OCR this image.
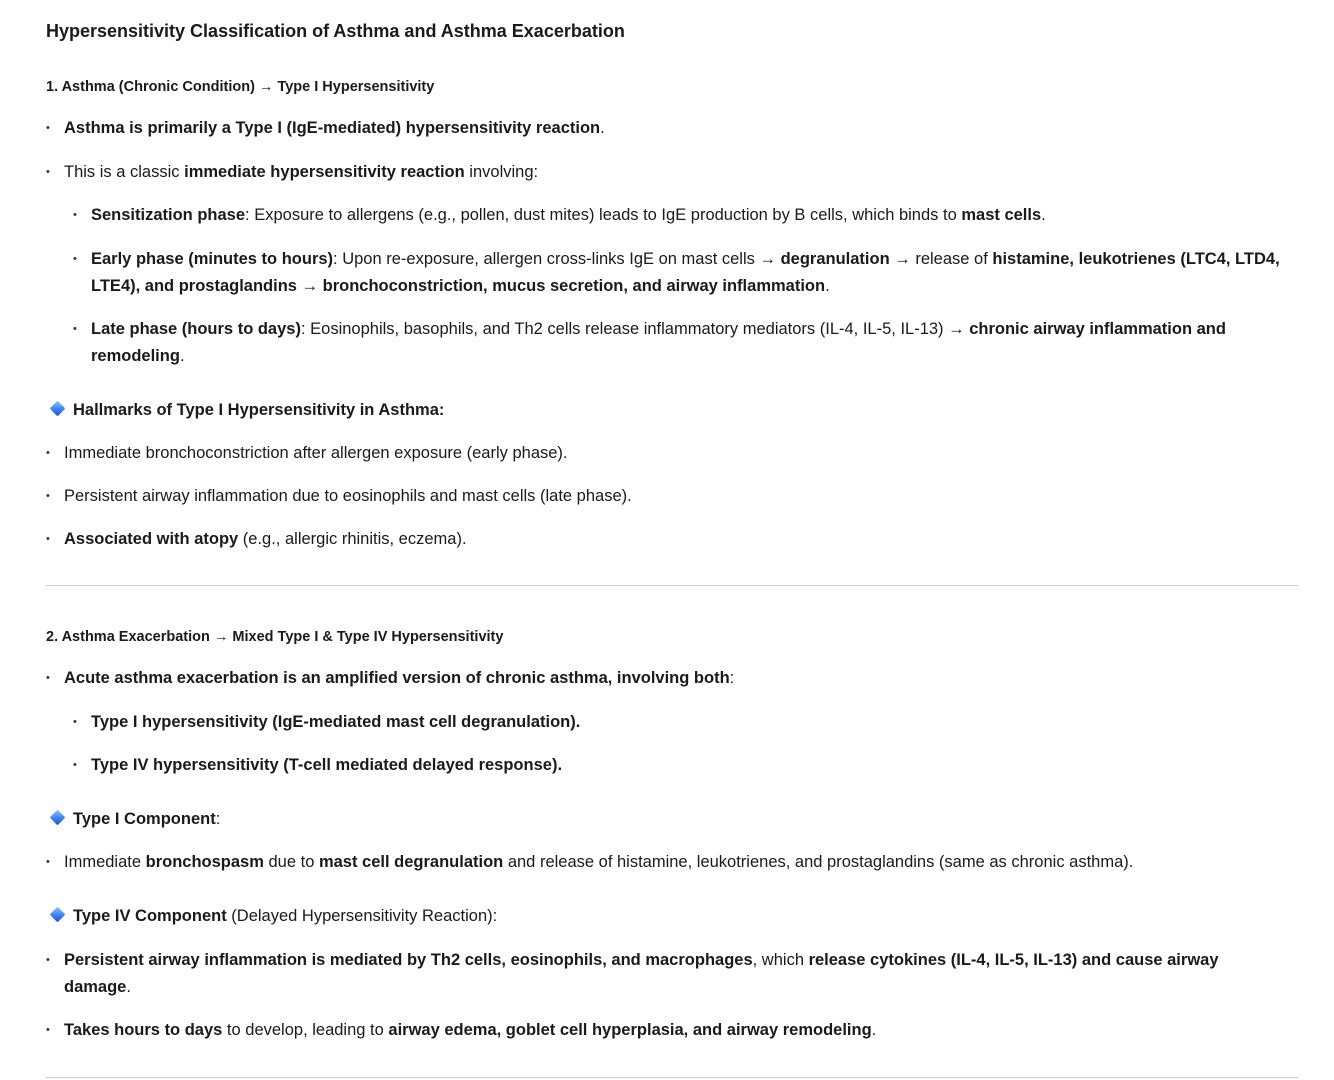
Hypersensitivity Classification of Asthma and Asthma Exacerbation
1. Asthma (Chronic Condition) → Type I Hypersensitivity
• Asthma is primarily a Type I (IgE-mediated) hypersensitivity reaction.
• This is a classic immediate hypersensitivity reaction involving:
• Sensitization phase: Exposure to allergens (e.g., pollen, dust mites) leads to IgE production by B cells, which binds to mast cells.
• Early phase (minutes to hours): Upon re-exposure, allergen cross-links IgE on mast cells → degranulation → release of histamine, leukotrienes (LTC4, LTD4, LTE4), and prostaglandins → bronchoconstriction, mucus secretion, and airway inflammation.
• Late phase (hours to days): Eosinophils, basophils, and Th2 cells release inflammatory mediators (IL-4, IL-5, IL-13) → chronic airway inflammation and remodeling.
Hallmarks of Type I Hypersensitivity in Asthma:
• Immediate bronchoconstriction after allergen exposure (early phase).
• Persistent airway inflammation due to eosinophils and mast cells (late phase).
• Associated with atopy (e.g., allergic rhinitis, eczema).
2. Asthma Exacerbation → Mixed Type I & Type IV Hypersensitivity
• Acute asthma exacerbation is an amplified version of chronic asthma, involving both:
• Type I hypersensitivity (IgE-mediated mast cell degranulation).
• Type IV hypersensitivity (T-cell mediated delayed response).
Type I Component:
• Immediate bronchospasm due to mast cell degranulation and release of histamine, leukotrienes, and prostaglandins (same as chronic asthma).
Type IV Component (Delayed Hypersensitivity Reaction):
• Persistent airway inflammation is mediated by Th2 cells, eosinophils, and macrophages, which release cytokines (IL-4, IL-5, IL-13) and cause airway damage.
• Takes hours to days to develop, leading to airway edema, goblet cell hyperplasia, and airway remodeling.
